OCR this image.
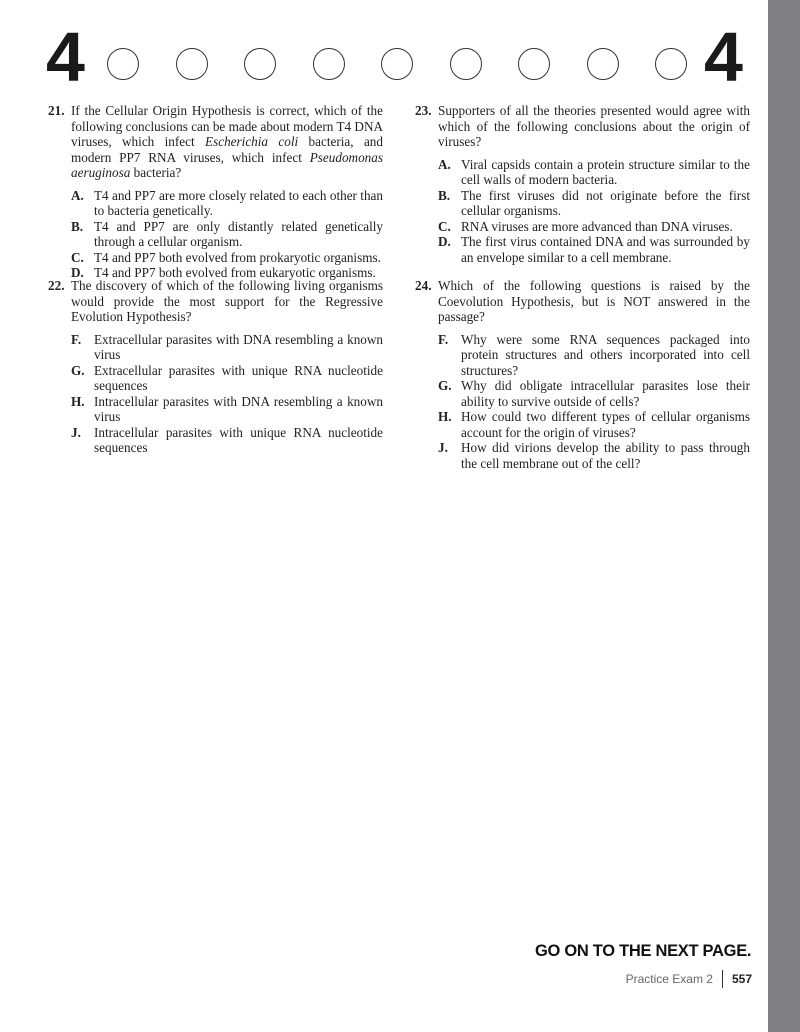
4	4
21. If the Cellular Origin Hypothesis is correct, which of the following conclusions can be made about modern T4 DNA viruses, which infect Escherichia coli bacteria, and modern PP7 RNA viruses, which infect Pseudomonas aeruginosa bacteria?
A. T4 and PP7 are more closely related to each other than to bacteria genetically.
B. T4 and PP7 are only distantly related genetically through a cellular organism.
C. T4 and PP7 both evolved from prokaryotic organisms.
D. T4 and PP7 both evolved from eukaryotic organisms.
22. The discovery of which of the following living organisms would provide the most support for the Regressive Evolution Hypothesis?
F. Extracellular parasites with DNA resembling a known virus
G. Extracellular parasites with unique RNA nucleotide sequences
H. Intracellular parasites with DNA resembling a known virus
J. Intracellular parasites with unique RNA nucleotide sequences
23. Supporters of all the theories presented would agree with which of the following conclusions about the origin of viruses?
A. Viral capsids contain a protein structure similar to the cell walls of modern bacteria.
B. The first viruses did not originate before the first cellular organisms.
C. RNA viruses are more advanced than DNA viruses.
D. The first virus contained DNA and was surrounded by an envelope similar to a cell membrane.
24. Which of the following questions is raised by the Coevolution Hypothesis, but is NOT answered in the passage?
F. Why were some RNA sequences packaged into protein structures and others incorporated into cell structures?
G. Why did obligate intracellular parasites lose their ability to survive outside of cells?
H. How could two different types of cellular organisms account for the origin of viruses?
J. How did virions develop the ability to pass through the cell membrane out of the cell?
GO ON TO THE NEXT PAGE.
Practice Exam 2 557
